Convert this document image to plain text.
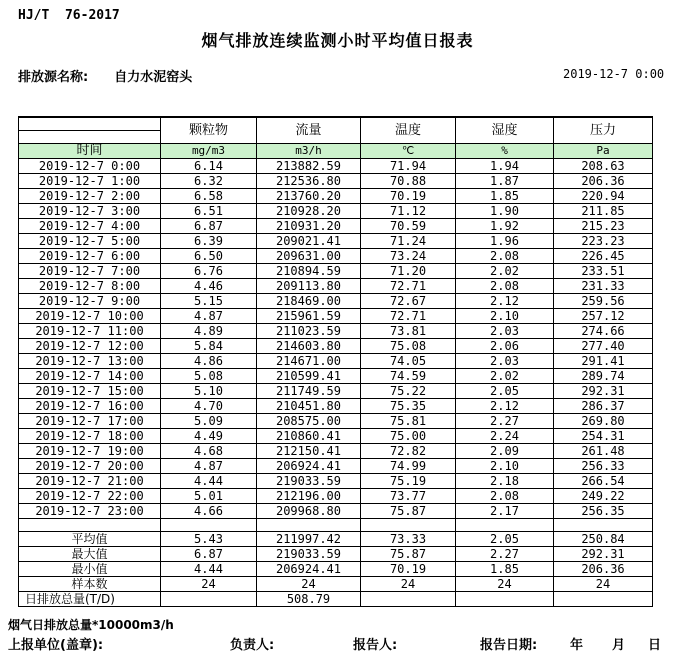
HJ/T  76-2017
烟气排放连续监测小时平均值日报表
排放源名称: 自力水泥窑头	2019-12-7 0:00
	颗粒物	流量	温度	湿度	压力

时间	mg/m3	m3/h	℃	%	Pa
2019-12-7 0:00	6.14	213882.59	71.94	1.94	208.63
2019-12-7 1:00	6.32	212536.80	70.88	1.87	206.36
2019-12-7 2:00	6.58	213760.20	70.19	1.85	220.94
2019-12-7 3:00	6.51	210928.20	71.12	1.90	211.85
2019-12-7 4:00	6.87	210931.20	70.59	1.92	215.23
2019-12-7 5:00	6.39	209021.41	71.24	1.96	223.23
2019-12-7 6:00	6.50	209631.00	73.24	2.08	226.45
2019-12-7 7:00	6.76	210894.59	71.20	2.02	233.51
2019-12-7 8:00	4.46	209113.80	72.71	2.08	231.33
2019-12-7 9:00	5.15	218469.00	72.67	2.12	259.56
2019-12-7 10:00	4.87	215961.59	72.71	2.10	257.12
2019-12-7 11:00	4.89	211023.59	73.81	2.03	274.66
2019-12-7 12:00	5.84	214603.80	75.08	2.06	277.40
2019-12-7 13:00	4.86	214671.00	74.05	2.03	291.41
2019-12-7 14:00	5.08	210599.41	74.59	2.02	289.74
2019-12-7 15:00	5.10	211749.59	75.22	2.05	292.31
2019-12-7 16:00	4.70	210451.80	75.35	2.12	286.37
2019-12-7 17:00	5.09	208575.00	75.81	2.27	269.80
2019-12-7 18:00	4.49	210860.41	75.00	2.24	254.31
2019-12-7 19:00	4.68	212150.41	72.82	2.09	261.48
2019-12-7 20:00	4.87	206924.41	74.99	2.10	256.33
2019-12-7 21:00	4.44	219033.59	75.19	2.18	266.54
2019-12-7 22:00	5.01	212196.00	73.77	2.08	249.22
2019-12-7 23:00	4.66	209968.80	75.87	2.17	256.35

平均值	5.43	211997.42	73.33	2.05	250.84
最大值	6.87	219033.59	75.87	2.27	292.31
最小值	4.44	206924.41	70.19	1.85	206.36
样本数	24	24	24	24	24
日排放总量(T/D)		508.79			
烟气日排放总量*10000m3/h
上报单位(盖章):	负责人:	报告人:	报告日期:	年 月 日
